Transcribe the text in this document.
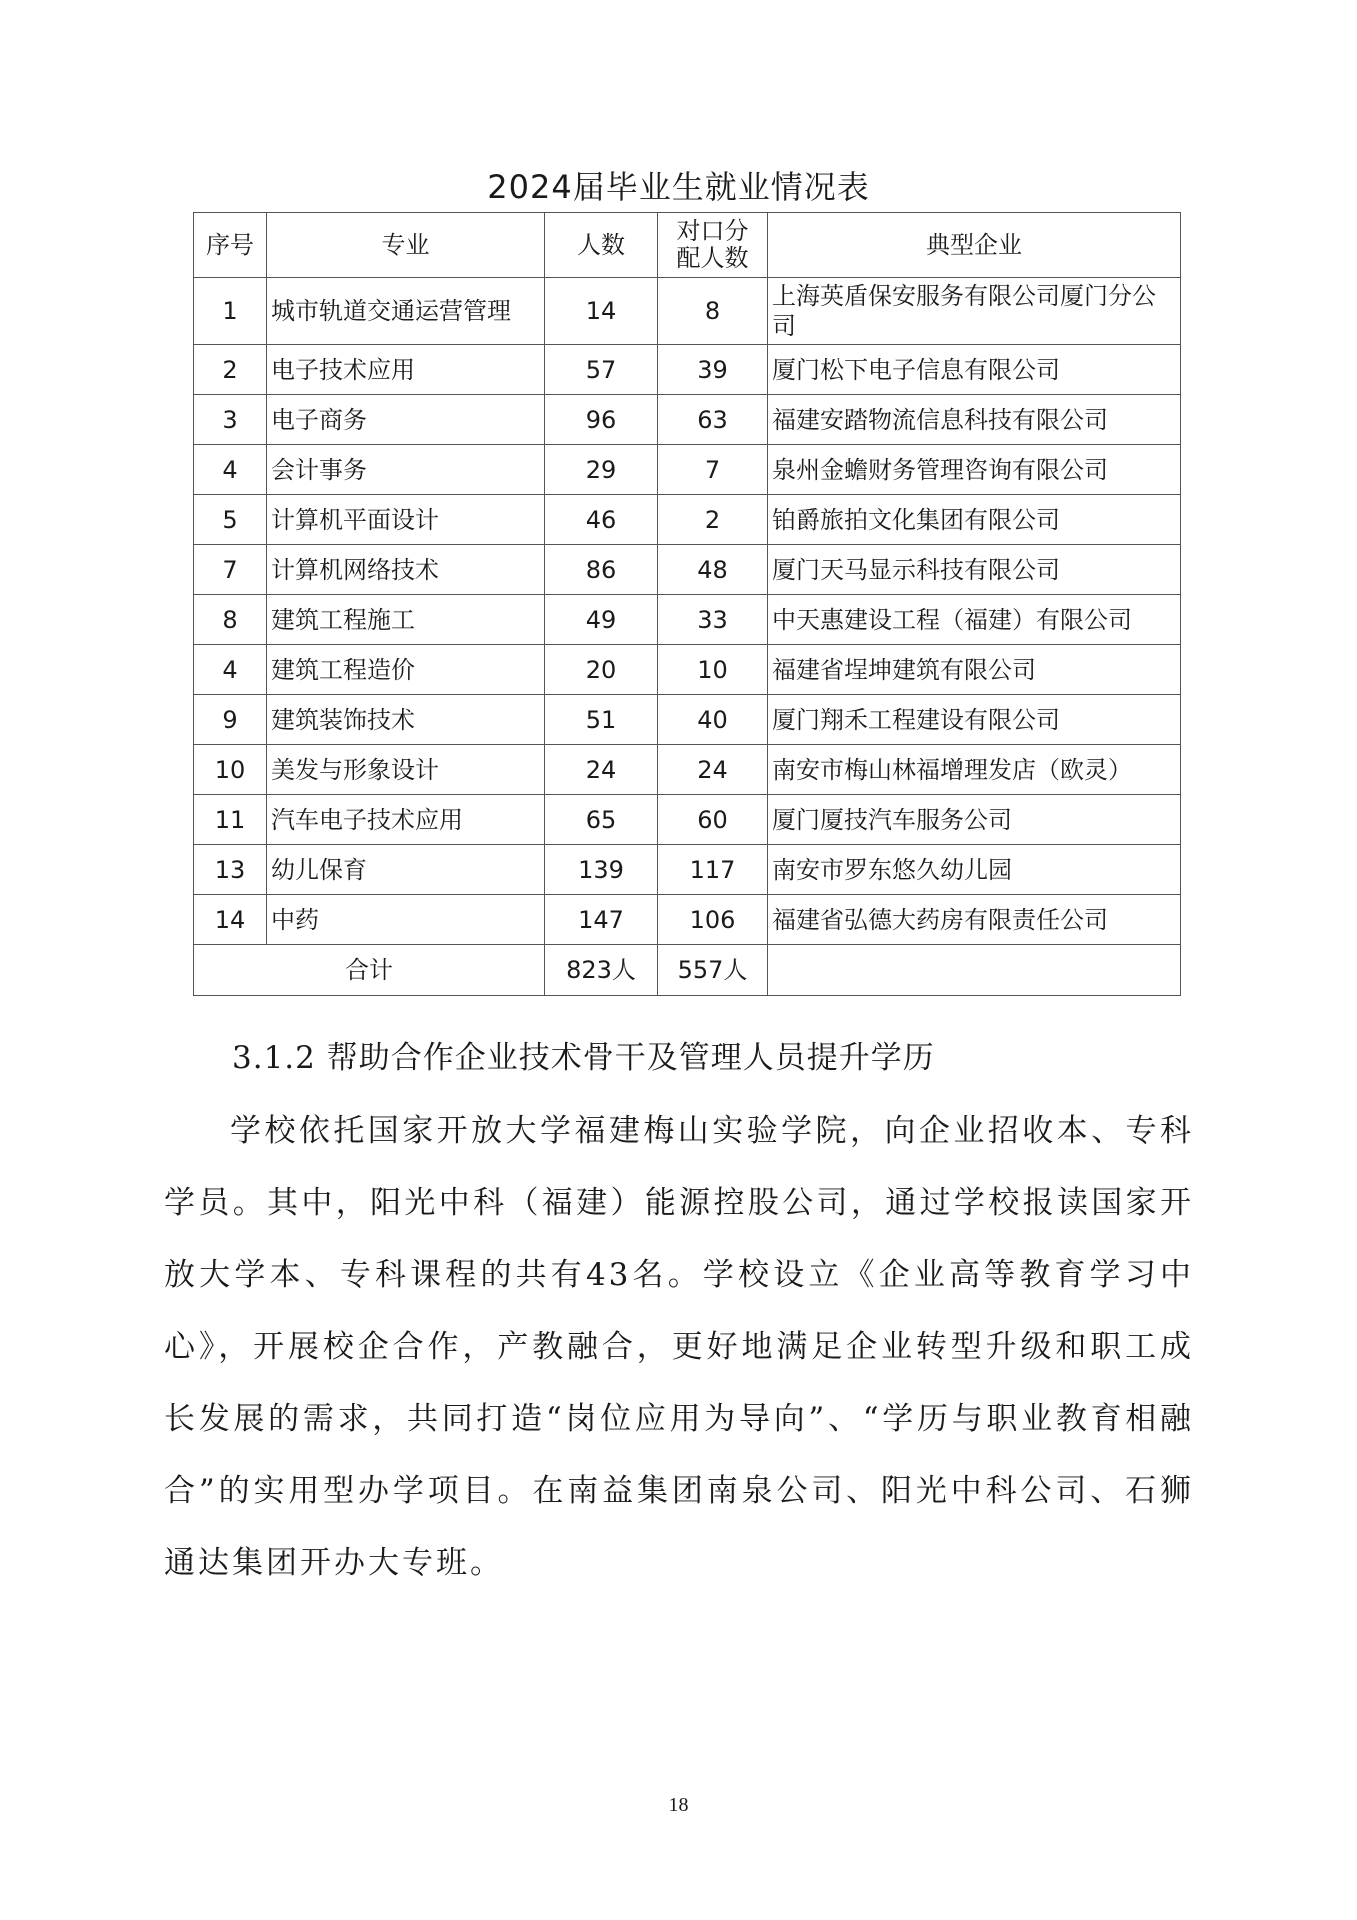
2024届毕业生就业情况表
序号	专业	人数	对口分配人数	典型企业
1	城市轨道交通运营管理	14	8	上海英盾保安服务有限公司厦门分公司
2	电子技术应用	57	39	厦门松下电子信息有限公司
3	电子商务	96	63	福建安踏物流信息科技有限公司
4	会计事务	29	7	泉州金蟾财务管理咨询有限公司
5	计算机平面设计	46	2	铂爵旅拍文化集团有限公司
7	计算机网络技术	86	48	厦门天马显示科技有限公司
8	建筑工程施工	49	33	中天惠建设工程（福建）有限公司
4	建筑工程造价	20	10	福建省埕坤建筑有限公司
9	建筑装饰技术	51	40	厦门翔禾工程建设有限公司
10	美发与形象设计	24	24	南安市梅山林福增理发店（欧灵）
11	汽车电子技术应用	65	60	厦门厦技汽车服务公司
13	幼儿保育	139	117	南安市罗东悠久幼儿园
14	中药	147	106	福建省弘德大药房有限责任公司
合计		823人	557人	
3.1.2 帮助合作企业技术骨干及管理人员提升学历

学校依托国家开放大学福建梅山实验学院，向企业招收本、专科学员。其中，阳光中科（福建）能源控股公司，通过学校报读国家开放大学本、专科课程的共有43名。学校设立《企业高等教育学习中心》，开展校企合作，产教融合，更好地满足企业转型升级和职工成长发展的需求，共同打造“岗位应用为导向”、“学历与职业教育相融合”的实用型办学项目。在南益集团南泉公司、阳光中科公司、石狮通达集团开办大专班。

18
